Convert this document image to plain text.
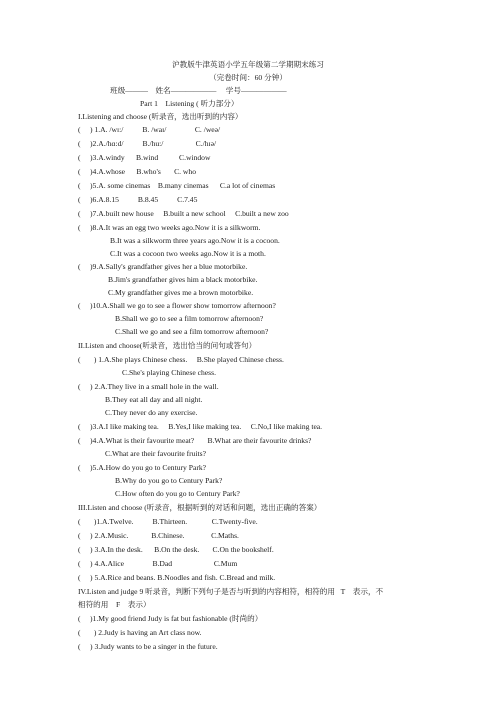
沪教版牛津英语小学五年级第二学期期末练习
（完卷时间：60 分钟）
班级———    姓名——————     学号——————
Part 1    Listening ( 听力部分）
I.Listening and choose (听录音，选出听到的内容）
(     ) 1.A. /wɪ:/          B. /waɪ/               C. /weə/
(     )2.A./hɑ:d/          B./hu:/                 C./hɪə/
(     )3.A.windy      B.wind           C.window
(     )4.A.whose      B.who's       C. who
(     )5.A. some cinemas    B.many cinemas      C.a lot of cinemas
(     )6.A.8.15          B.8.45          C.7.45
(     )7.A.built new house     B.built a new school     C.built a new zoo
(     )8.A.It was an egg two weeks ago.Now it is a silkworm.
B.It was a silkworm three years ago.Now it is a cocoon.
C.It was a cocoon two weeks ago.Now it is a moth.
(     )9.A.Sally's grandfather gives her a blue motorbike.
B.Jim's grandfather gives him a black motorbike.
C.My grandfather gives me a brown motorbike.
(     )10.A.Shall we go to see a flower show tomorrow afternoon?
B.Shall we go to see a film tomorrow afternoon?
C.Shall we go and see a film tomorrow afternoon?
II.Listen and choose(听录音，选出恰当的问句或答句）
(       ) 1.A.She plays Chinese chess.     B.She played Chinese chess.
C.She's playing Chinese chess.
(     ) 2.A.They live in a small hole in the wall.
B.They eat all day and all night.
C.They never do any exercise.
(     )3.A.I like making tea.     B.Yes,I like making tea.     C.No,I like making tea.
(     )4.A.What is their favourite meat?       B.What are their favourite drinks?
C.What are their favourite fruits?
(     )5.A.How do you go to Century Park?
B.Why do you go to Century Park?
C.How often do you go to Century Park?
III.Listen and choose (听录音，根据听到的对话和问题，选出正确的答案）
(       )1.A.Twelve.          B.Thirteen.             C.Twenty-five.
(     ) 2.A.Music.            B.Chinese.              C.Maths.
(     ) 3.A.In the desk.      B.On the desk.       C.On the bookshelf.
(     ) 4.A.Alice               B.Dad                      C.Mum
(     ) 5.A.Rice and beans. B.Noodles and fish. C.Bread and milk.
IV.Listen and judge 9 听录音，判断下列句子是否与听到的内容相符，相符的用   T    表示，不
相符的用    F    表示）
(     )1.My good friend Judy is fat but fashionable (时尚的）
(       ) 2.Judy is having an Art class now.
(     ) 3.Judy wants to be a singer in the future.
